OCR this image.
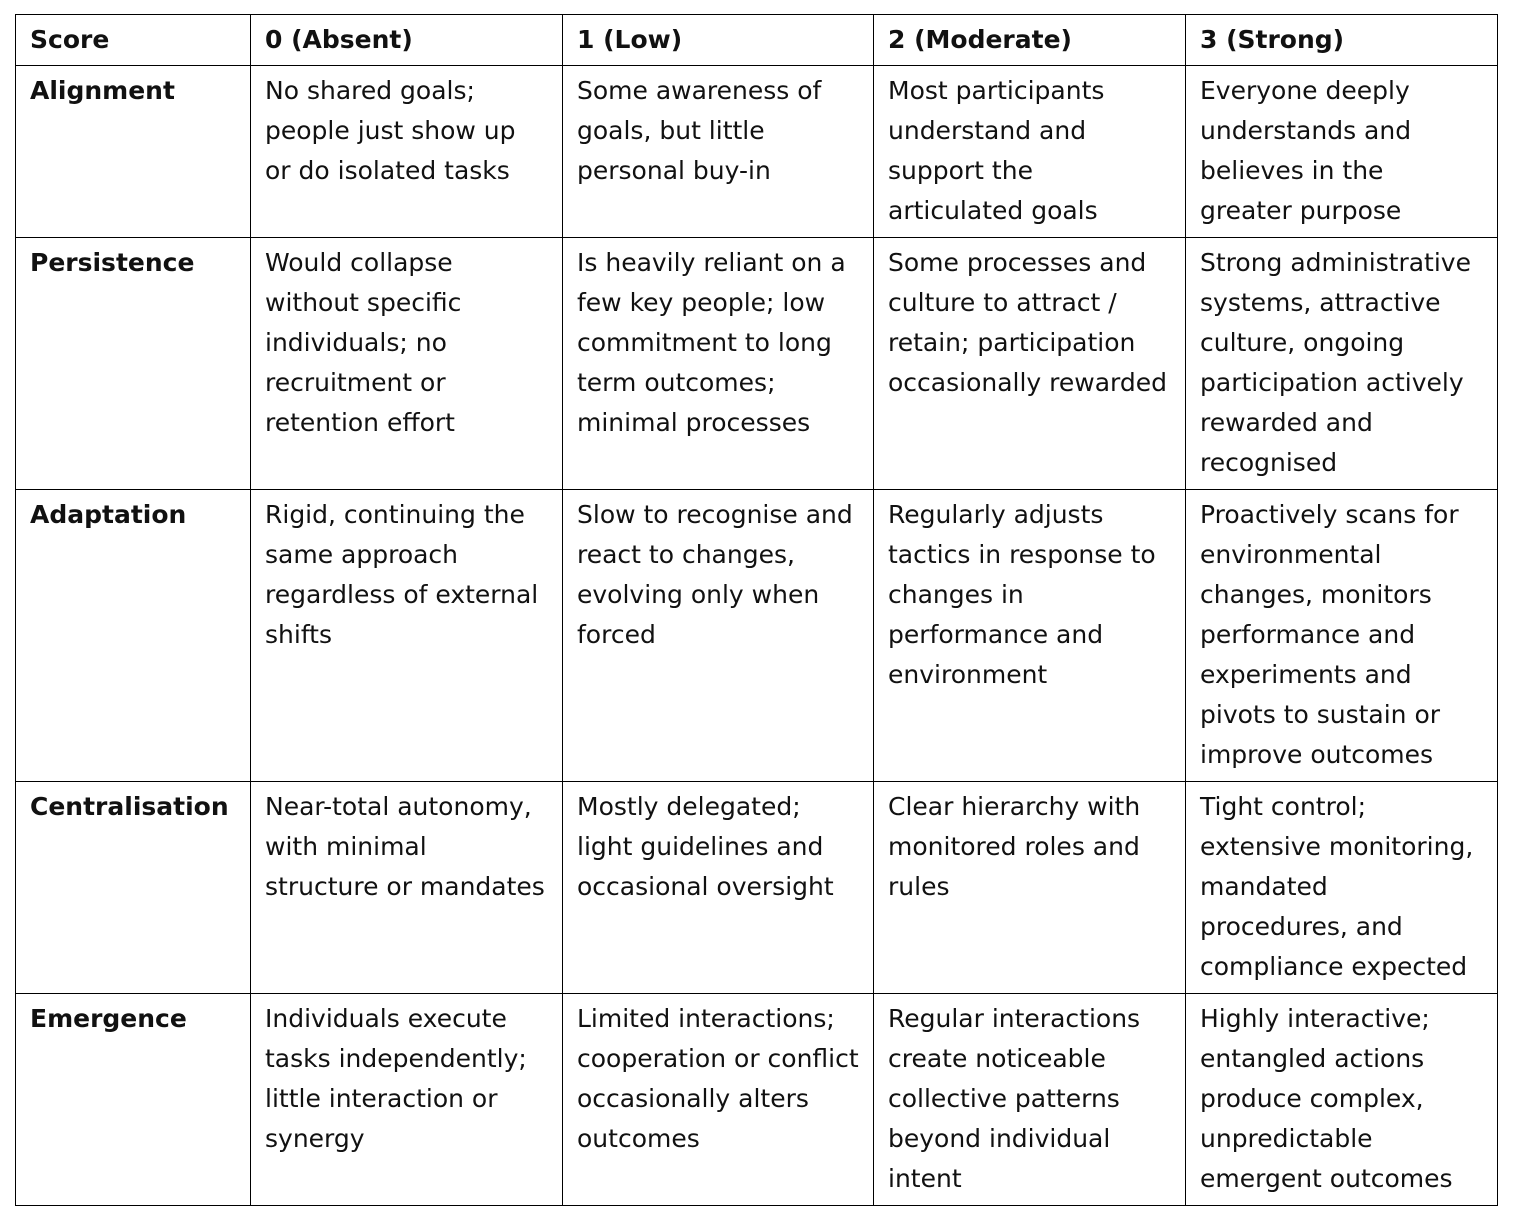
Score	0 (Absent)	1 (Low)	2 (Moderate)	3 (Strong)
Alignment	No shared goals; people just show up or do isolated tasks	Some awareness of goals, but little personal buy-in	Most participants understand and support the articulated goals	Everyone deeply understands and believes in the greater purpose
Persistence	Would collapse without specific individuals; no recruitment or retention effort	Is heavily reliant on a few key people; low commitment to long term outcomes; minimal processes	Some processes and culture to attract / retain; participation occasionally rewarded	Strong administrative systems, attractive culture, ongoing participation actively rewarded and recognised
Adaptation	Rigid, continuing the same approach regardless of external shifts	Slow to recognise and react to changes, evolving only when forced	Regularly adjusts tactics in response to changes in performance and environment	Proactively scans for environmental changes, monitors performance and experiments and pivots to sustain or improve outcomes
Centralisation	Near-total autonomy, with minimal structure or mandates	Mostly delegated; light guidelines and occasional oversight	Clear hierarchy with monitored roles and rules	Tight control; extensive monitoring, mandated procedures, and compliance expected
Emergence	Individuals execute tasks independently; little interaction or synergy	Limited interactions; cooperation or conflict occasionally alters outcomes	Regular interactions create noticeable collective patterns beyond individual intent	Highly interactive; entangled actions produce complex, unpredictable emergent outcomes
